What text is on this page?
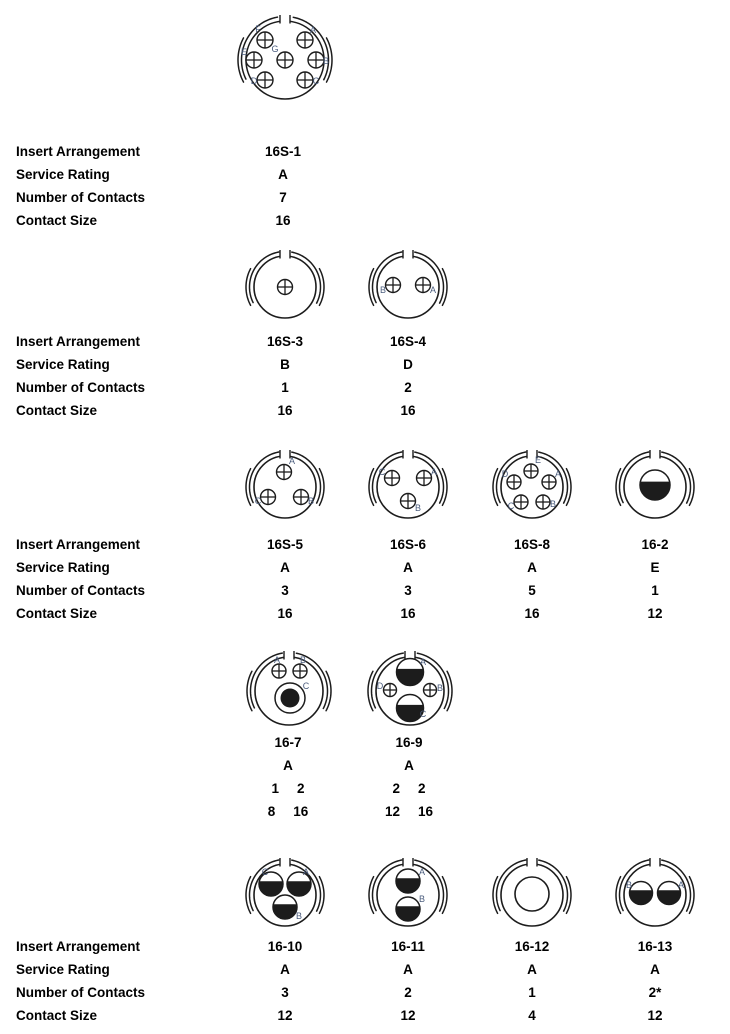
Insert Arrangement	16S-1
Service Rating	A
Number of Contacts	7
Contact Size	16
Insert Arrangement	16S-3	16S-4
Service Rating	B	D
Number of Contacts	1	2
Contact Size	16	16
Insert Arrangement	16S-5	16S-6	16S-8	16-2
Service Rating	A	A	A	E
Number of Contacts	3	3	5	1
Contact Size	16	16	16	12
16-7	16-9
A	A
1 2	2 2
8 16	12 16
Insert Arrangement	16-10	16-11	16-12	16-13
Service Rating	A	A	A	A
Number of Contacts	3	2	1	2*
Contact Size	12	12	4	12
F	A
E	G
B
D	C
B	A
A
C	B
C	A
B
E
D	A
C	B
A B
C
A
D	B
C
C	A
B
A
B
B	A
